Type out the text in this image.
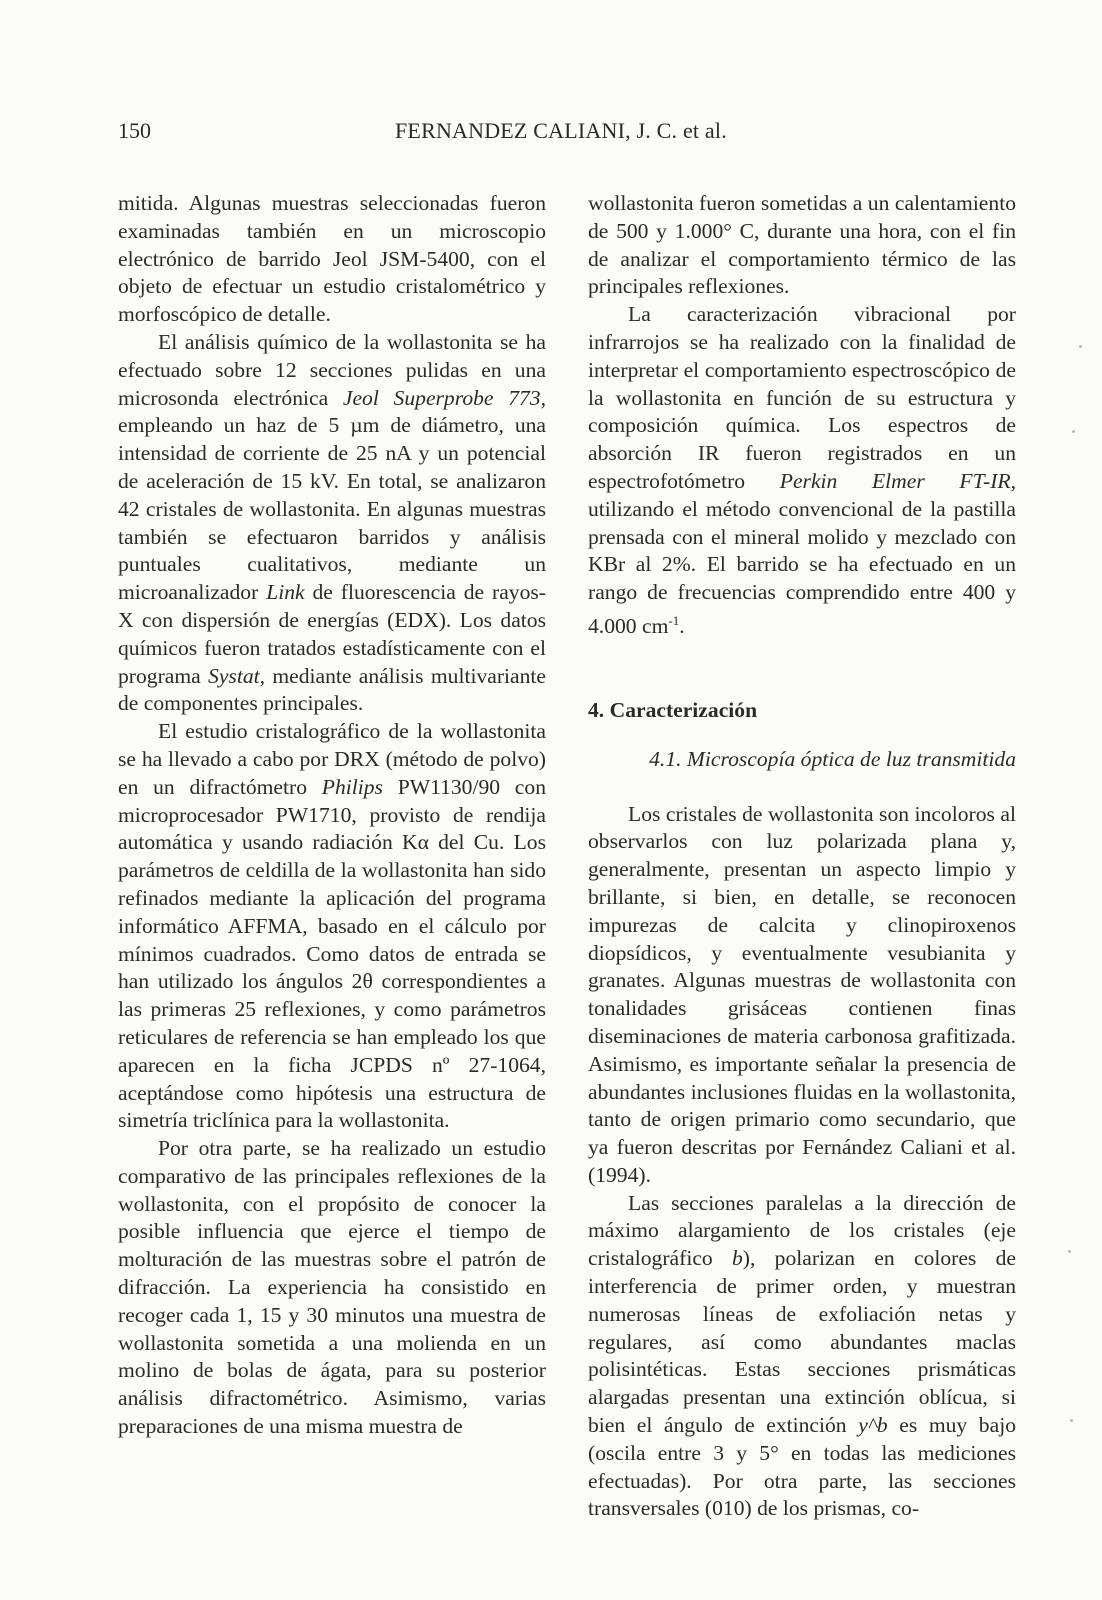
150	FERNANDEZ CALIANI, J. C. et al.

mitida. Algunas muestras seleccionadas fueron examinadas también en un microscopio electrónico de barrido Jeol JSM-5400, con el objeto de efectuar un estudio cristalométrico y morfoscópico de detalle.

El análisis químico de la wollastonita se ha efectuado sobre 12 secciones pulidas en una microsonda electrónica Jeol Superprobe 773, empleando un haz de 5 µm de diámetro, una intensidad de corriente de 25 nA y un potencial de aceleración de 15 kV. En total, se analizaron 42 cristales de wollastonita. En algunas muestras también se efectuaron barridos y análisis puntuales cualitativos, mediante un microanalizador Link de fluorescencia de rayos-X con dispersión de energías (EDX). Los datos químicos fueron tratados estadísticamente con el programa Systat, mediante análisis multivariante de componentes principales.

El estudio cristalográfico de la wollastonita se ha llevado a cabo por DRX (método de polvo) en un difractómetro Philips PW1130/90 con microprocesador PW1710, provisto de rendija automática y usando radiación Kα del Cu. Los parámetros de celdilla de la wollastonita han sido refinados mediante la aplicación del programa informático AFFMA, basado en el cálculo por mínimos cuadrados. Como datos de entrada se han utilizado los ángulos 2θ correspondientes a las primeras 25 reflexiones, y como parámetros reticulares de referencia se han empleado los que aparecen en la ficha JCPDS nº 27-1064, aceptándose como hipótesis una estructura de simetría triclínica para la wollastonita.

Por otra parte, se ha realizado un estudio comparativo de las principales reflexiones de la wollastonita, con el propósito de conocer la posible influencia que ejerce el tiempo de molturación de las muestras sobre el patrón de difracción. La experiencia ha consistido en recoger cada 1, 15 y 30 minutos una muestra de wollastonita sometida a una molienda en un molino de bolas de ágata, para su posterior análisis difractométrico. Asimismo, varias preparaciones de una misma muestra de

wollastonita fueron sometidas a un calentamiento de 500 y 1.000° C, durante una hora, con el fin de analizar el comportamiento térmico de las principales reflexiones.

La caracterización vibracional por infrarrojos se ha realizado con la finalidad de interpretar el comportamiento espectroscópico de la wollastonita en función de su estructura y composición química. Los espectros de absorción IR fueron registrados en un espectrofotómetro Perkin Elmer FT-IR, utilizando el método convencional de la pastilla prensada con el mineral molido y mezclado con KBr al 2%. El barrido se ha efectuado en un rango de frecuencias comprendido entre 400 y 4.000 $cm^{-1}$.

4. Caracterización

4.1. Microscopía óptica de luz transmitida

Los cristales de wollastonita son incoloros al observarlos con luz polarizada plana y, generalmente, presentan un aspecto limpio y brillante, si bien, en detalle, se reconocen impurezas de calcita y clinopiroxenos diopsídicos, y eventualmente vesubianita y granates. Algunas muestras de wollastonita con tonalidades grisáceas contienen finas diseminaciones de materia carbonosa grafitizada. Asimismo, es importante señalar la presencia de abundantes inclusiones fluidas en la wollastonita, tanto de origen primario como secundario, que ya fueron descritas por Fernández Caliani et al. (1994).

Las secciones paralelas a la dirección de máximo alargamiento de los cristales (eje cristalográfico b), polarizan en colores de interferencia de primer orden, y muestran numerosas líneas de exfoliación netas y regulares, así como abundantes maclas polisintéticas. Estas secciones prismáticas alargadas presentan una extinción oblícua, si bien el ángulo de extinción y^b es muy bajo (oscila entre 3 y 5° en todas las mediciones efectuadas). Por otra parte, las secciones transversales (010) de los prismas, co-
